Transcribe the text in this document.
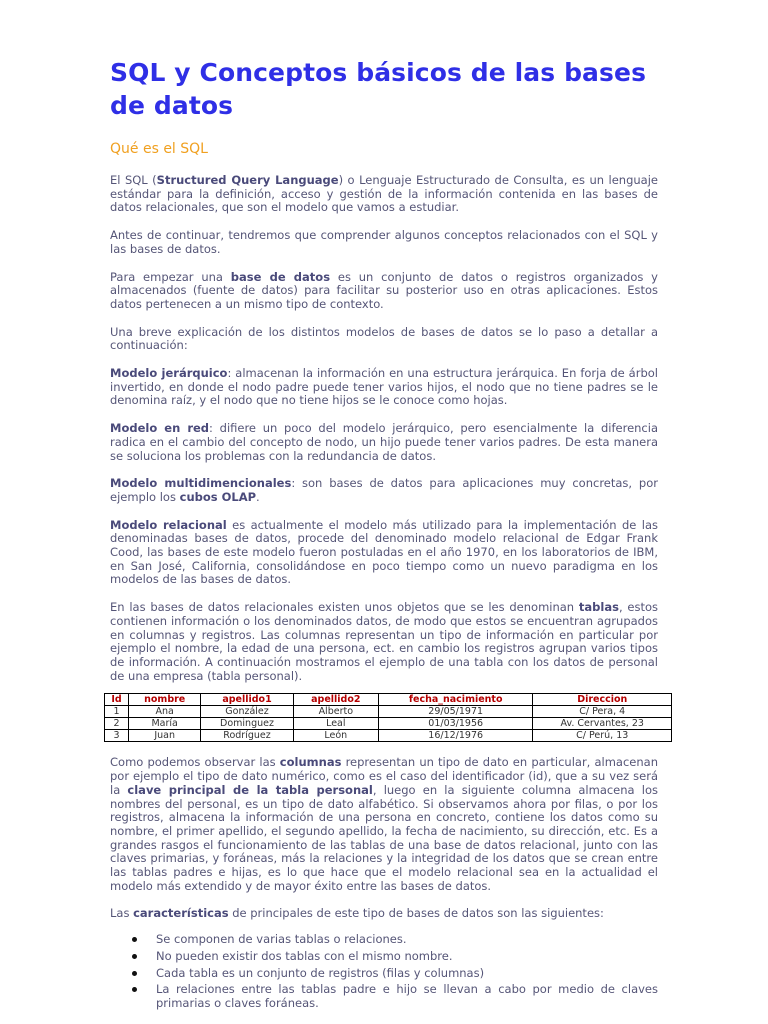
SQL y Conceptos básicos de las bases de datos
Qué es el SQL

El SQL (Structured Query Language) o Lenguaje Estructurado de Consulta, es un lenguaje estándar para la definición, acceso y gestión de la información contenida en las bases de datos relacionales, que son el modelo que vamos a estudiar.

Antes de continuar, tendremos que comprender algunos conceptos relacionados con el SQL y las bases de datos.

Para empezar una base de datos es un conjunto de datos o registros organizados y almacenados (fuente de datos) para facilitar su posterior uso en otras aplicaciones. Estos datos pertenecen a un mismo tipo de contexto.

Una breve explicación de los distintos modelos de bases de datos se lo paso a detallar a continuación:

Modelo jerárquico: almacenan la información en una estructura jerárquica. En forja de árbol invertido, en donde el nodo padre puede tener varios hijos, el nodo que no tiene padres se le denomina raíz, y el nodo que no tiene hijos se le conoce como hojas.

Modelo en red: difiere un poco del modelo jerárquico, pero esencialmente la diferencia radica en el cambio del concepto de nodo, un hijo puede tener varios padres. De esta manera se soluciona los problemas con la redundancia de datos.

Modelo multidimencionales: son bases de datos para aplicaciones muy concretas, por ejemplo los cubos OLAP.

Modelo relacional es actualmente el modelo más utilizado para la implementación de las denominadas bases de datos, procede del denominado modelo relacional de Edgar Frank Cood, las bases de este modelo fueron postuladas en el año 1970, en los laboratorios de IBM, en San José, California, consolidándose en poco tiempo como un nuevo paradigma en los modelos de las bases de datos.

En las bases de datos relacionales existen unos objetos que se les denominan tablas, estos contienen información o los denominados datos, de modo que estos se encuentran agrupados en columnas y registros. Las columnas representan un tipo de información en particular por ejemplo el nombre, la edad de una persona, ect. en cambio los registros agrupan varios tipos de información. A continuación mostramos el ejemplo de una tabla con los datos de personal de una empresa (tabla personal).

Id	nombre	apellido1	apellido2	fecha_nacimiento	Direccion
1	Ana	González	Alberto	29/05/1971	C/ Pera, 4
2	María	Dominguez	Leal	01/03/1956	Av. Cervantes, 23
3	Juan	Rodríguez	León	16/12/1976	C/ Perú, 13

Como podemos observar las columnas representan un tipo de dato en particular, almacenan por ejemplo el tipo de dato numérico, como es el caso del identificador (id), que a su vez será la clave principal de la tabla personal, luego en la siguiente columna almacena los nombres del personal, es un tipo de dato alfabético. Si observamos ahora por filas, o por los registros, almacena la información de una persona en concreto, contiene los datos como su nombre, el primer apellido, el segundo apellido, la fecha de nacimiento, su dirección, etc. Es a grandes rasgos el funcionamiento de las tablas de una base de datos relacional, junto con las claves primarias, y foráneas, más la relaciones y la integridad de los datos que se crean entre las tablas padres e hijas, es lo que hace que el modelo relacional sea en la actualidad el modelo más extendido y de mayor éxito entre las bases de datos.

Las características de principales de este tipo de bases de datos son las siguientes:

Se componen de varias tablas o relaciones.
No pueden existir dos tablas con el mismo nombre.
Cada tabla es un conjunto de registros (filas y columnas)
La relaciones entre las tablas padre e hijo se llevan a cabo por medio de claves primarias o claves foráneas.
